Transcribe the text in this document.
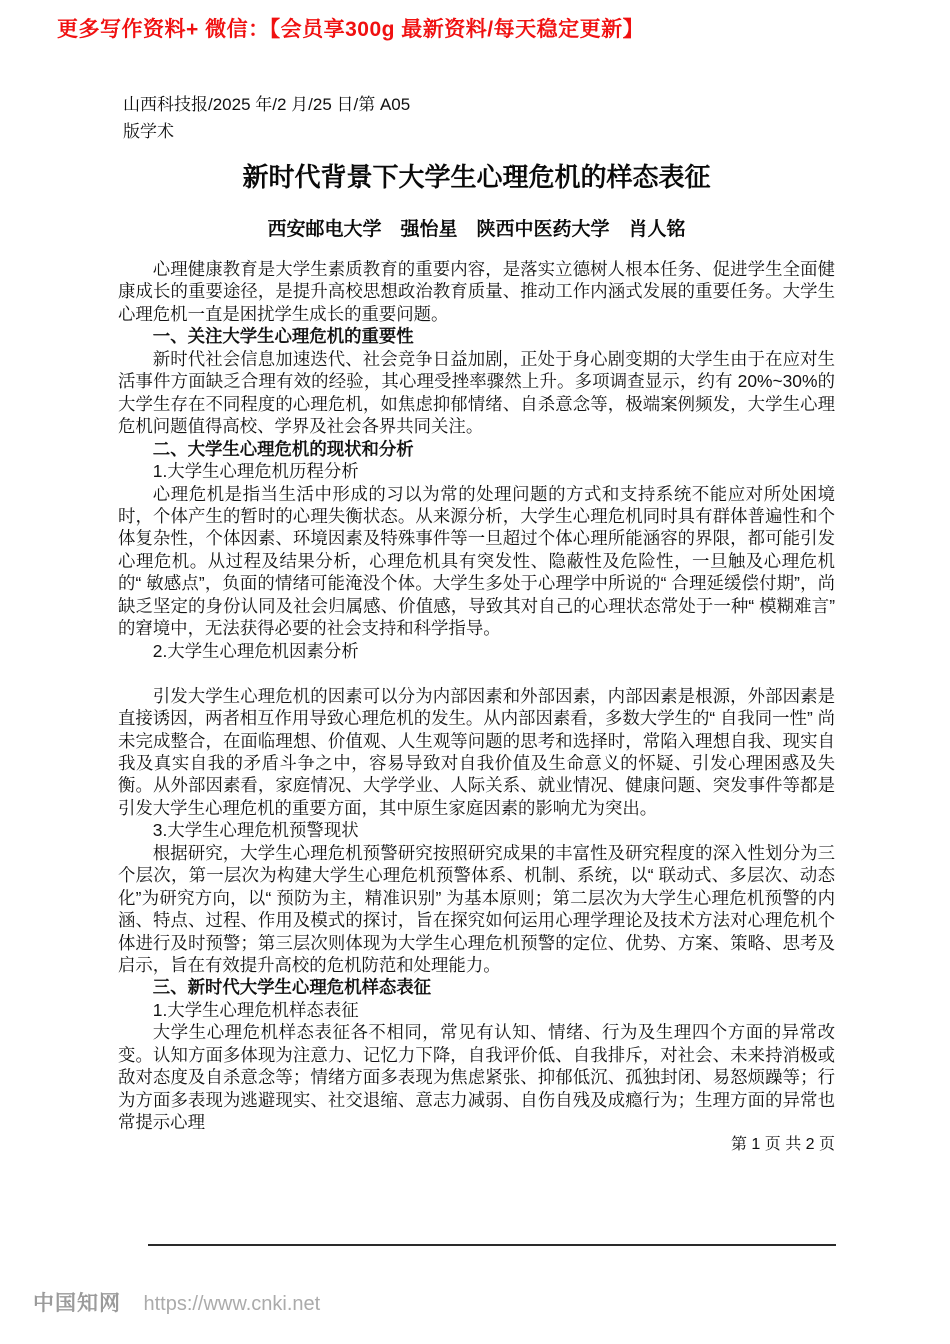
更多写作资料+ 微信：【会员享300g 最新资料/每天稳定更新】
山西科技报/2025 年/2 月/25 日/第 A05
版学术
新时代背景下大学生心理危机的样态表征
西安邮电大学　强怡星　陕西中医药大学　肖人铭

心理健康教育是大学生素质教育的重要内容，是落实立德树人根本任务、促进学生全面健康成长的重要途径，是提升高校思想政治教育质量、推动工作内涵式发展的重要任务。大学生心理危机一直是困扰学生成长的重要问题。

一、关注大学生心理危机的重要性

新时代社会信息加速迭代、社会竞争日益加剧，正处于身心剧变期的大学生由于在应对生活事件方面缺乏合理有效的经验，其心理受挫率骤然上升。多项调查显示，约有 20%~30%的大学生存在不同程度的心理危机，如焦虑抑郁情绪、自杀意念等，极端案例频发，大学生心理危机问题值得高校、学界及社会各界共同关注。

二、大学生心理危机的现状和分析

1.大学生心理危机历程分析

心理危机是指当生活中形成的习以为常的处理问题的方式和支持系统不能应对所处困境时，个体产生的暂时的心理失衡状态。从来源分析，大学生心理危机同时具有群体普遍性和个体复杂性，个体因素、环境因素及特殊事件等一旦超过个体心理所能涵容的界限，都可能引发心理危机。从过程及结果分析，心理危机具有突发性、隐蔽性及危险性，一旦触及心理危机的“ 敏感点”，负面的情绪可能淹没个体。大学生多处于心理学中所说的“ 合理延缓偿付期”，尚缺乏坚定的身份认同及社会归属感、价值感，导致其对自己的心理状态常处于一种“ 模糊难言” 的窘境中，无法获得必要的社会支持和科学指导。

2.大学生心理危机因素分析

引发大学生心理危机的因素可以分为内部因素和外部因素，内部因素是根源，外部因素是直接诱因，两者相互作用导致心理危机的发生。从内部因素看，多数大学生的“ 自我同一性” 尚未完成整合，在面临理想、价值观、人生观等问题的思考和选择时，常陷入理想自我、现实自我及真实自我的矛盾斗争之中，容易导致对自我价值及生命意义的怀疑、引发心理困惑及失衡。从外部因素看，家庭情况、大学学业、人际关系、就业情况、健康问题、突发事件等都是引发大学生心理危机的重要方面，其中原生家庭因素的影响尤为突出。

3.大学生心理危机预警现状

根据研究，大学生心理危机预警研究按照研究成果的丰富性及研究程度的深入性划分为三个层次，第一层次为构建大学生心理危机预警体系、机制、系统，以“ 联动式、多层次、动态化”为研究方向，以“ 预防为主，精准识别” 为基本原则；第二层次为大学生心理危机预警的内涵、特点、过程、作用及模式的探讨，旨在探究如何运用心理学理论及技术方法对心理危机个体进行及时预警；第三层次则体现为大学生心理危机预警的定位、优势、方案、策略、思考及启示，旨在有效提升高校的危机防范和处理能力。

三、新时代大学生心理危机样态表征

1.大学生心理危机样态表征

大学生心理危机样态表征各不相同，常见有认知、情绪、行为及生理四个方面的异常改变。认知方面多体现为注意力、记忆力下降，自我评价低、自我排斥，对社会、未来持消极或敌对态度及自杀意念等；情绪方面多表现为焦虑紧张、抑郁低沉、孤独封闭、易怒烦躁等；行为方面多表现为逃避现实、社交退缩、意志力减弱、自伤自残及成瘾行为；生理方面的异常也常提示心理

第 1 页 共 2 页
中国知网 https://www.cnki.net
